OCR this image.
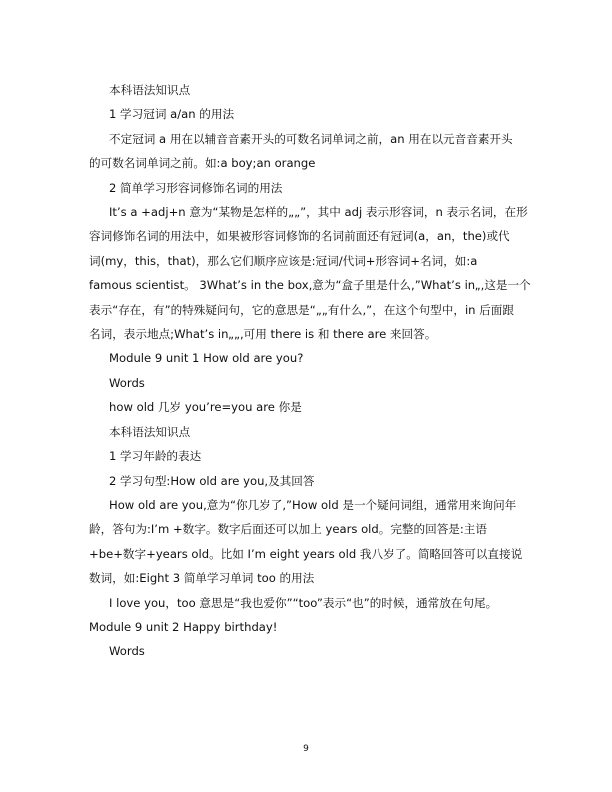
本科语法知识点

1 学习冠词 a/an 的用法

不定冠词 a 用在以辅音音素开头的可数名词单词之前，an 用在以元音音素开头

的可数名词单词之前。如:a boy;an orange

2 简单学习形容词修饰名词的用法

It’s a +adj+n 意为“某物是怎样的„„”，其中 adj 表示形容词，n 表示名词，在形

容词修饰名词的用法中，如果被形容词修饰的名词前面还有冠词(a，an，the)或代

词(my，this，that)，那么它们顺序应该是:冠词/代词+形容词+名词，如:a

famous scientist。 3What’s in the box,意为“盒子里是什么,”What’s in„,这是一个

表示“存在，有”的特殊疑问句，它的意思是“„„有什么,”，在这个句型中，in 后面跟

名词，表示地点;What’s in„„,可用 there is 和 there are 来回答。

Module 9 unit 1 How old are you?

Words

how old 几岁 you’re=you are 你是

本科语法知识点

1 学习年龄的表达

2 学习句型:How old are you,及其回答

How old are you,意为“你几岁了,”How old 是一个疑问词组，通常用来询问年

龄，答句为:I’m +数字。数字后面还可以加上 years old。完整的回答是:主语

+be+数字+years old。比如 I’m eight years old 我八岁了。简略回答可以直接说

数词，如:Eight 3 简单学习单词 too 的用法

I love you，too 意思是“我也爱你”“too”表示“也”的时候，通常放在句尾。

Module 9 unit 2 Happy birthday!

Words

9
